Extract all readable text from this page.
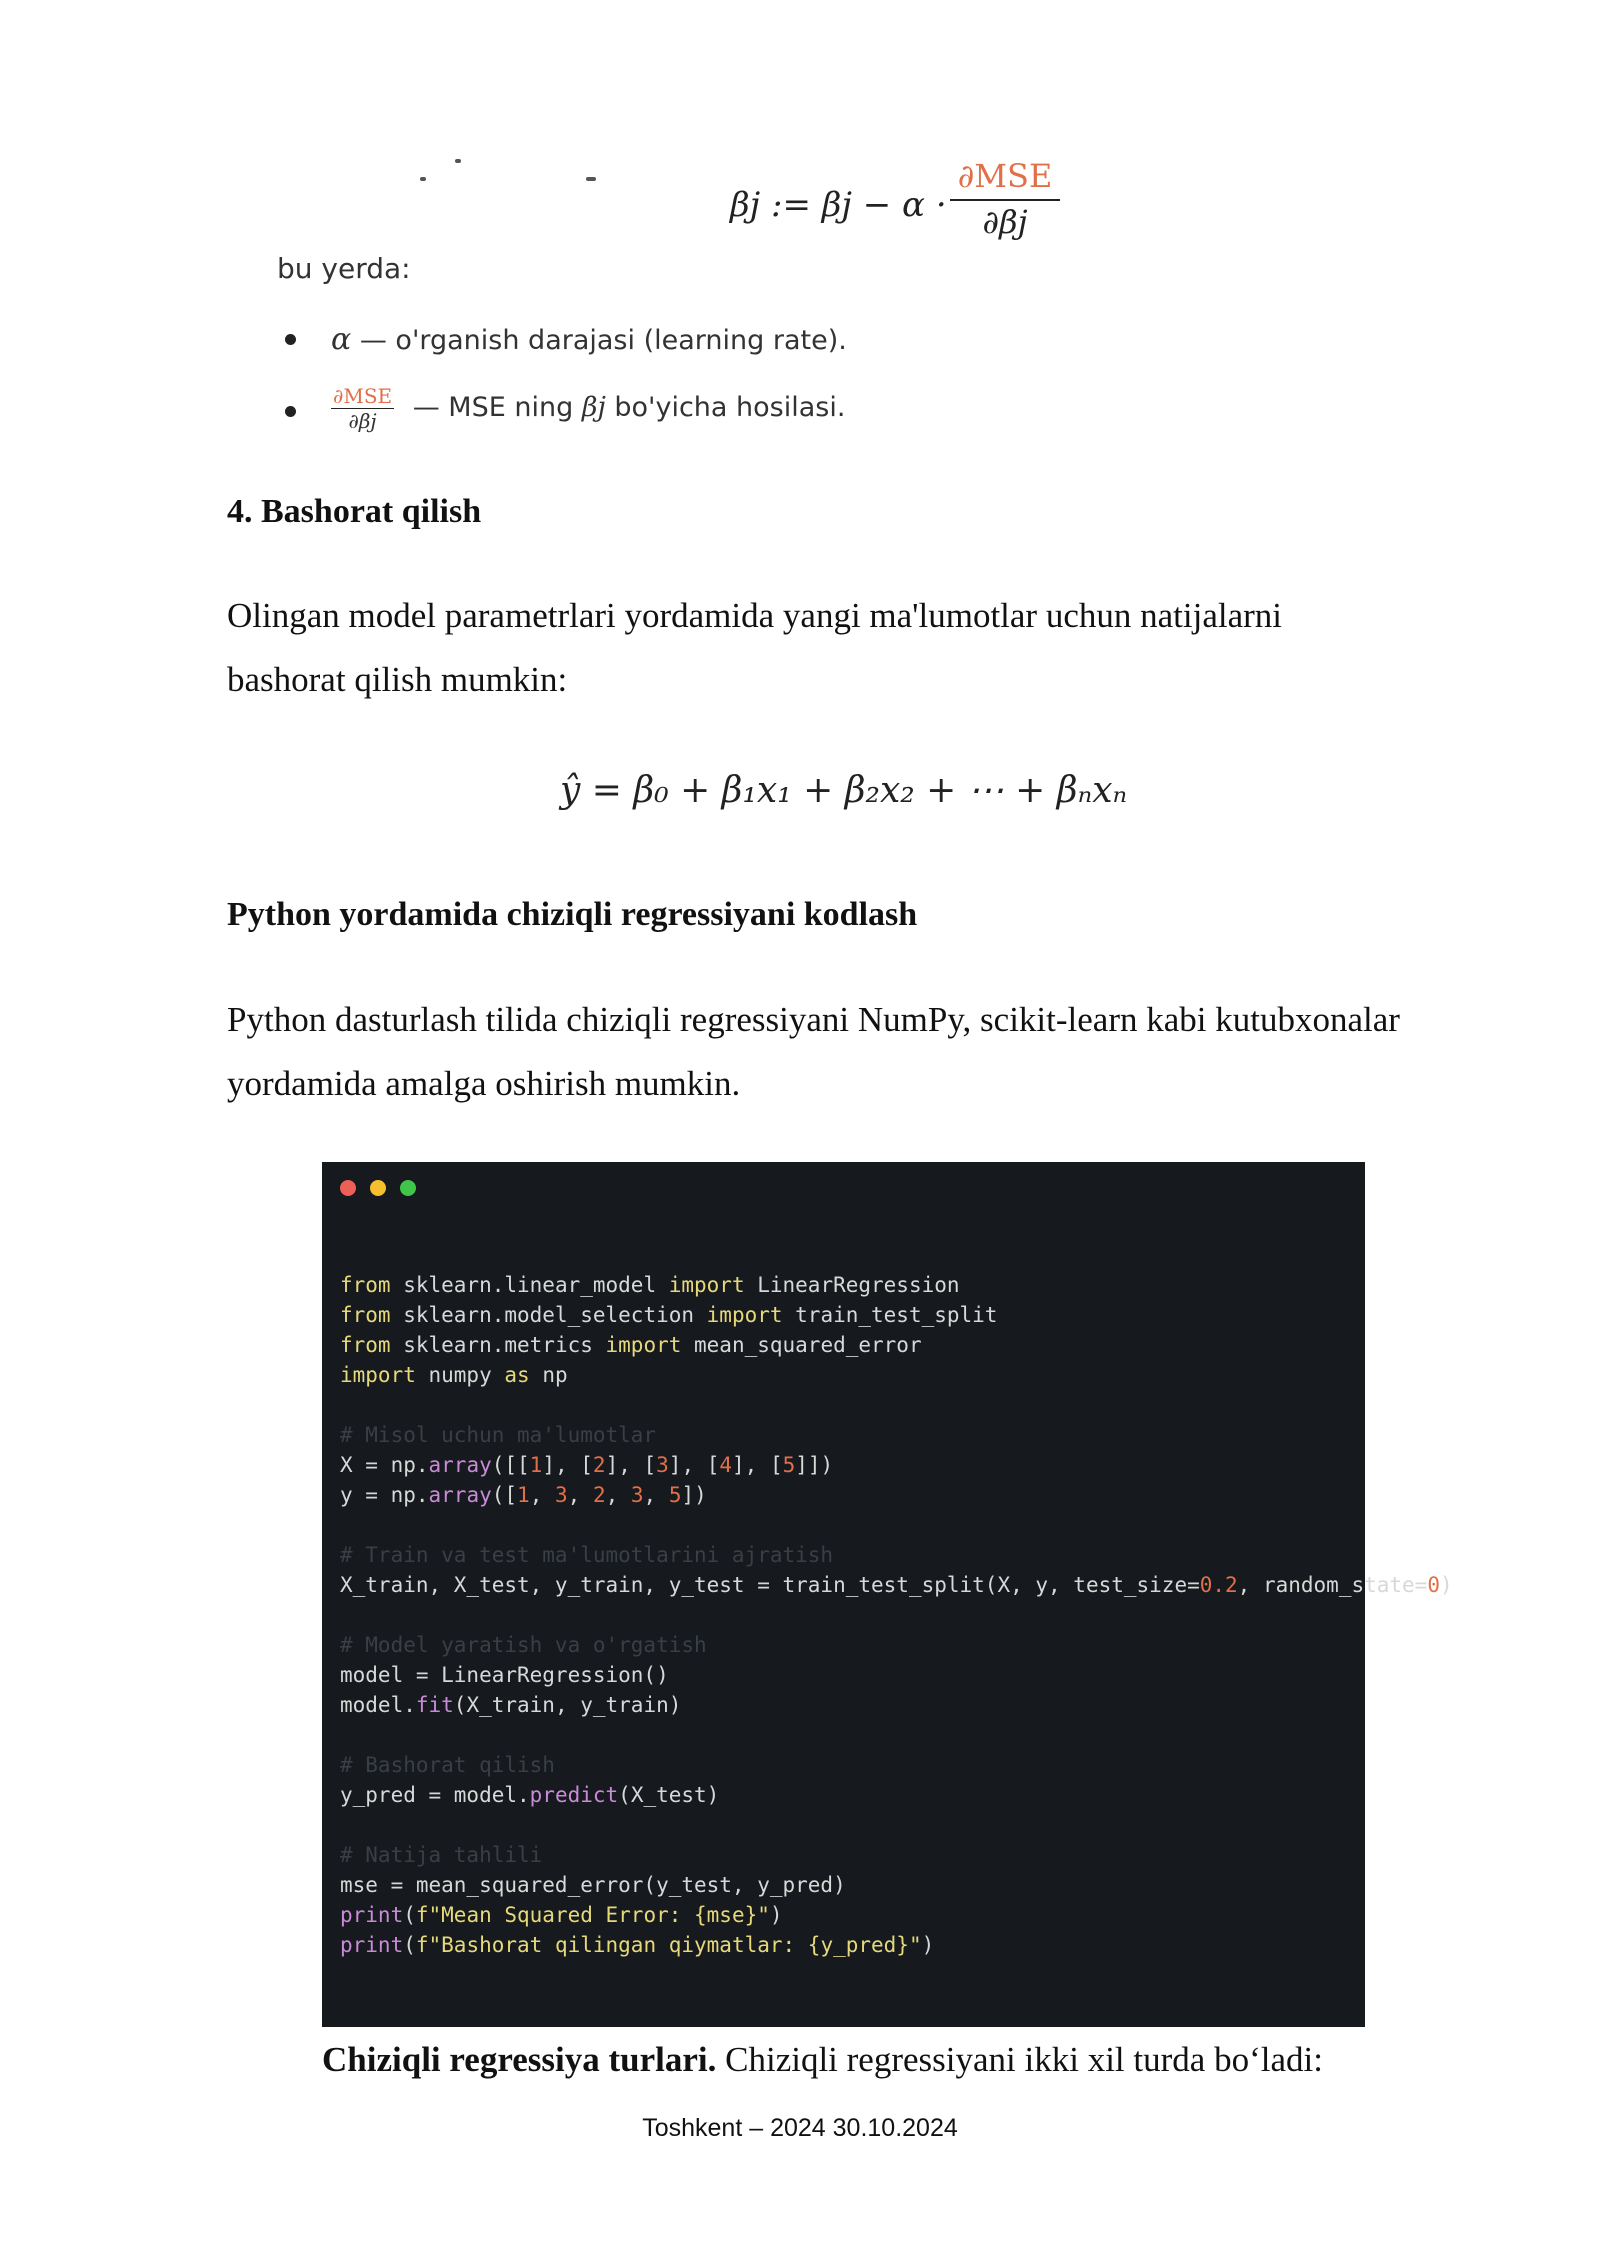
βj := βj − α ·
∂MSE
∂βj
bu yerda:
α — o'rganish darajasi (learning rate).
$\frac{\text{∂MSE}}{\partial\beta j}$ — MSE ning βj bo'yicha hosilasi.
4. Bashorat qilish
Olingan model parametrlari yordamida yangi ma'lumotlar uchun natijalarni bashorat qilish mumkin:
ŷ = β₀ + β₁x₁ + β₂x₂ + ⋯ + βₙxₙ
Python yordamida chiziqli regressiyani kodlash
Python dasturlash tilida chiziqli regressiyani NumPy, scikit-learn kabi kutubxonalar yordamida amalga oshirish mumkin.

from sklearn.linear_model import LinearRegression
from sklearn.model_selection import train_test_split
from sklearn.metrics import mean_squared_error
import numpy as np
# Misol uchun ma'lumotlar
X = np.array([[1], [2], [3], [4], [5]])
y = np.array([1, 3, 2, 3, 5])
# Train va test ma'lumotlarini ajratish
X_train, X_test, y_train, y_test = train_test_split(X, y, test_size=0.2, random_state=0)
# Model yaratish va o'rgatish
model = LinearRegression()
model.fit(X_train, y_train)
# Bashorat qilish
y_pred = model.predict(X_test)
# Natija tahlili
mse = mean_squared_error(y_test, y_pred)
print(f"Mean Squared Error: {mse}")
print(f"Bashorat qilingan qiymatlar: {y_pred}")
Chiziqli regressiya turlari. Chiziqli regressiyani ikki xil turda boʻladi:
Toshkent – 2024 30.10.2024
